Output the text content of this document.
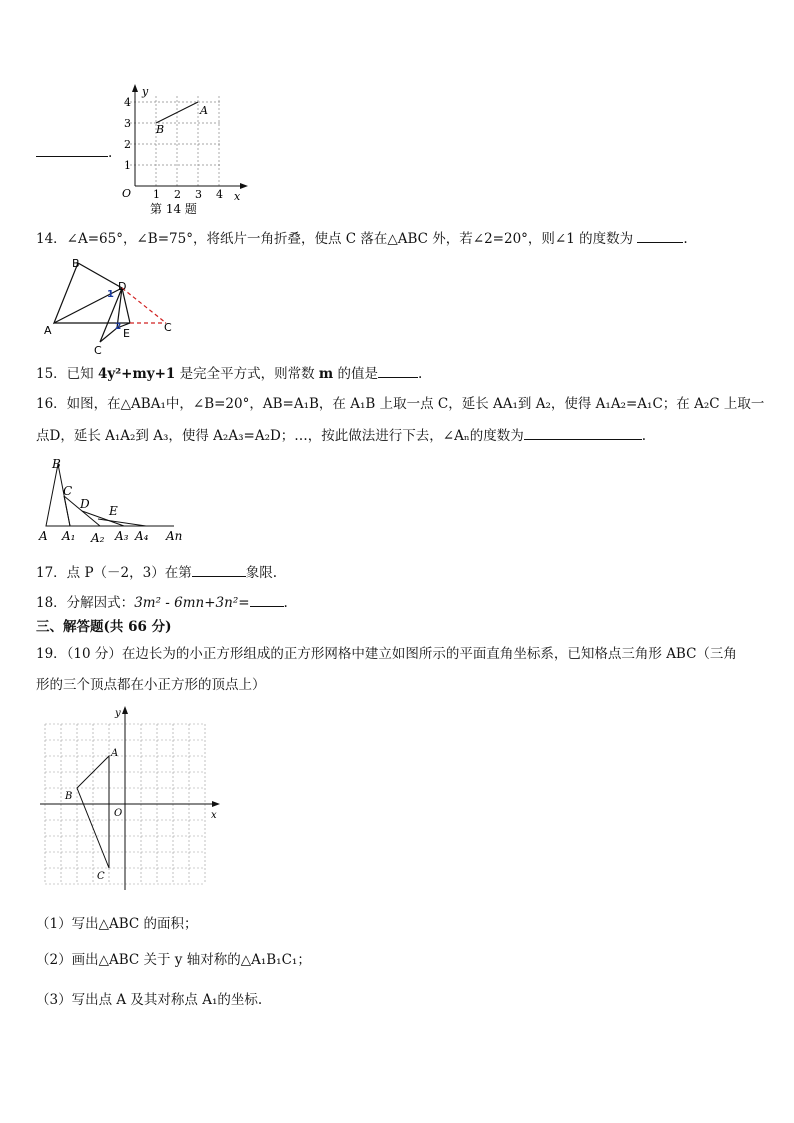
.
y
x
O
4
3
2
1
1 2 3 4
A
B
第 14 题
14．∠A=65°，∠B=75°，将纸片一角折叠，使点 C 落在△ABC 外，若∠2=20°，则∠1 的度数为	.
B
A
D
E
C
C
1
2
15．已知 4y²+my+1 是完全平方式，则常数 m 的值是	.
16．如图，在△ABA₁中，∠B=20°，AB=A₁B，在 A₁B 上取一点 C，延长 AA₁到 A₂，使得 A₁A₂=A₁C；在 A₂C 上取一
点D，延长 A₁A₂到 A₃，使得 A₂A₃=A₂D；…，按此做法进行下去，∠Aₙ的度数为	.
B
C
D E
A A₁ A₂ A₃ A₄ An
17．点 P（－2，3）在第	象限.
18．分解因式：3m² - 6mn+3n²=	.
三、解答题(共 66 分)
19．（10 分）在边长为的小正方形组成的正方形网格中建立如图所示的平面直角坐标系，已知格点三角形 ABC（三角
形的三个顶点都在小正方形的顶点上）
y
x
O
A
B
C
（1）写出△ABC 的面积；
（2）画出△ABC 关于 y 轴对称的△A₁B₁C₁；
（3）写出点 A 及其对称点 A₁的坐标.
